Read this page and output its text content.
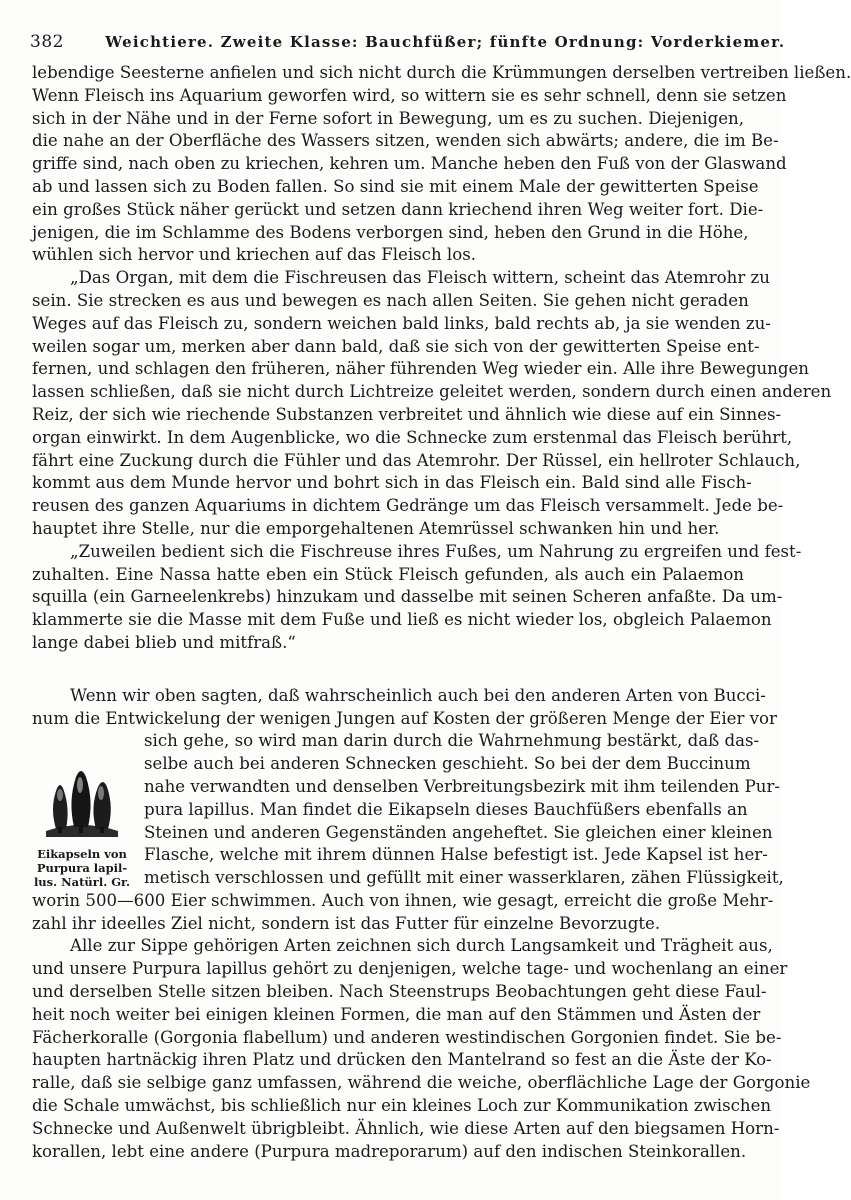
382	Weichtiere. Zweite Klasse: Bauchfüßer; fünfte Ordnung: Vorderkiemer.
lebendige Seesterne anfielen und sich nicht durch die Krümmungen derselben vertreiben ließen.
Wenn Fleisch ins Aquarium geworfen wird, so wittern sie es sehr schnell, denn sie setzen
sich in der Nähe und in der Ferne sofort in Bewegung, um es zu suchen. Diejenigen,
die nahe an der Oberfläche des Wassers sitzen, wenden sich abwärts; andere, die im Be-
griffe sind, nach oben zu kriechen, kehren um. Manche heben den Fuß von der Glaswand
ab und lassen sich zu Boden fallen. So sind sie mit einem Male der gewitterten Speise
ein großes Stück näher gerückt und setzen dann kriechend ihren Weg weiter fort. Die-
jenigen, die im Schlamme des Bodens verborgen sind, heben den Grund in die Höhe,
wühlen sich hervor und kriechen auf das Fleisch los.
„Das Organ, mit dem die Fischreusen das Fleisch wittern, scheint das Atemrohr zu
sein. Sie strecken es aus und bewegen es nach allen Seiten. Sie gehen nicht geraden
Weges auf das Fleisch zu, sondern weichen bald links, bald rechts ab, ja sie wenden zu-
weilen sogar um, merken aber dann bald, daß sie sich von der gewitterten Speise ent-
fernen, und schlagen den früheren, näher führenden Weg wieder ein. Alle ihre Bewegungen
lassen schließen, daß sie nicht durch Lichtreize geleitet werden, sondern durch einen anderen
Reiz, der sich wie riechende Substanzen verbreitet und ähnlich wie diese auf ein Sinnes-
organ einwirkt. In dem Augenblicke, wo die Schnecke zum erstenmal das Fleisch berührt,
fährt eine Zuckung durch die Fühler und das Atemrohr. Der Rüssel, ein hellroter Schlauch,
kommt aus dem Munde hervor und bohrt sich in das Fleisch ein. Bald sind alle Fisch-
reusen des ganzen Aquariums in dichtem Gedränge um das Fleisch versammelt. Jede be-
hauptet ihre Stelle, nur die emporgehaltenen Atemrüssel schwanken hin und her.
„Zuweilen bedient sich die Fischreuse ihres Fußes, um Nahrung zu ergreifen und fest-
zuhalten. Eine Nassa hatte eben ein Stück Fleisch gefunden, als auch ein Palaemon
squilla (ein Garneelenkrebs) hinzukam und dasselbe mit seinen Scheren anfaßte. Da um-
klammerte sie die Masse mit dem Fuße und ließ es nicht wieder los, obgleich Palaemon
lange dabei blieb und mitfraß.“
Eikapseln von
Purpura lapil-
lus. Natürl. Gr.
Wenn wir oben sagten, daß wahrscheinlich auch bei den anderen Arten von Bucci-
num die Entwickelung der wenigen Jungen auf Kosten der größeren Menge der Eier vor
sich gehe, so wird man darin durch die Wahrnehmung bestärkt, daß das-
selbe auch bei anderen Schnecken geschieht. So bei der dem Buccinum
nahe verwandten und denselben Verbreitungsbezirk mit ihm teilenden Pur-
pura lapillus. Man findet die Eikapseln dieses Bauchfüßers ebenfalls an
Steinen und anderen Gegenständen angeheftet. Sie gleichen einer kleinen
Flasche, welche mit ihrem dünnen Halse befestigt ist. Jede Kapsel ist her-
metisch verschlossen und gefüllt mit einer wasserklaren, zähen Flüssigkeit,
worin 500—600 Eier schwimmen. Auch von ihnen, wie gesagt, erreicht die große Mehr-
zahl ihr ideelles Ziel nicht, sondern ist das Futter für einzelne Bevorzugte.
Alle zur Sippe gehörigen Arten zeichnen sich durch Langsamkeit und Trägheit aus,
und unsere Purpura lapillus gehört zu denjenigen, welche tage- und wochenlang an einer
und derselben Stelle sitzen bleiben. Nach Steenstrups Beobachtungen geht diese Faul-
heit noch weiter bei einigen kleinen Formen, die man auf den Stämmen und Ästen der
Fächerkoralle (Gorgonia flabellum) und anderen westindischen Gorgonien findet. Sie be-
haupten hartnäckig ihren Platz und drücken den Mantelrand so fest an die Äste der Ko-
ralle, daß sie selbige ganz umfassen, während die weiche, oberflächliche Lage der Gorgonie
die Schale umwächst, bis schließlich nur ein kleines Loch zur Kommunikation zwischen
Schnecke und Außenwelt übrigbleibt. Ähnlich, wie diese Arten auf den biegsamen Horn-
korallen, lebt eine andere (Purpura madreporarum) auf den indischen Steinkorallen.
